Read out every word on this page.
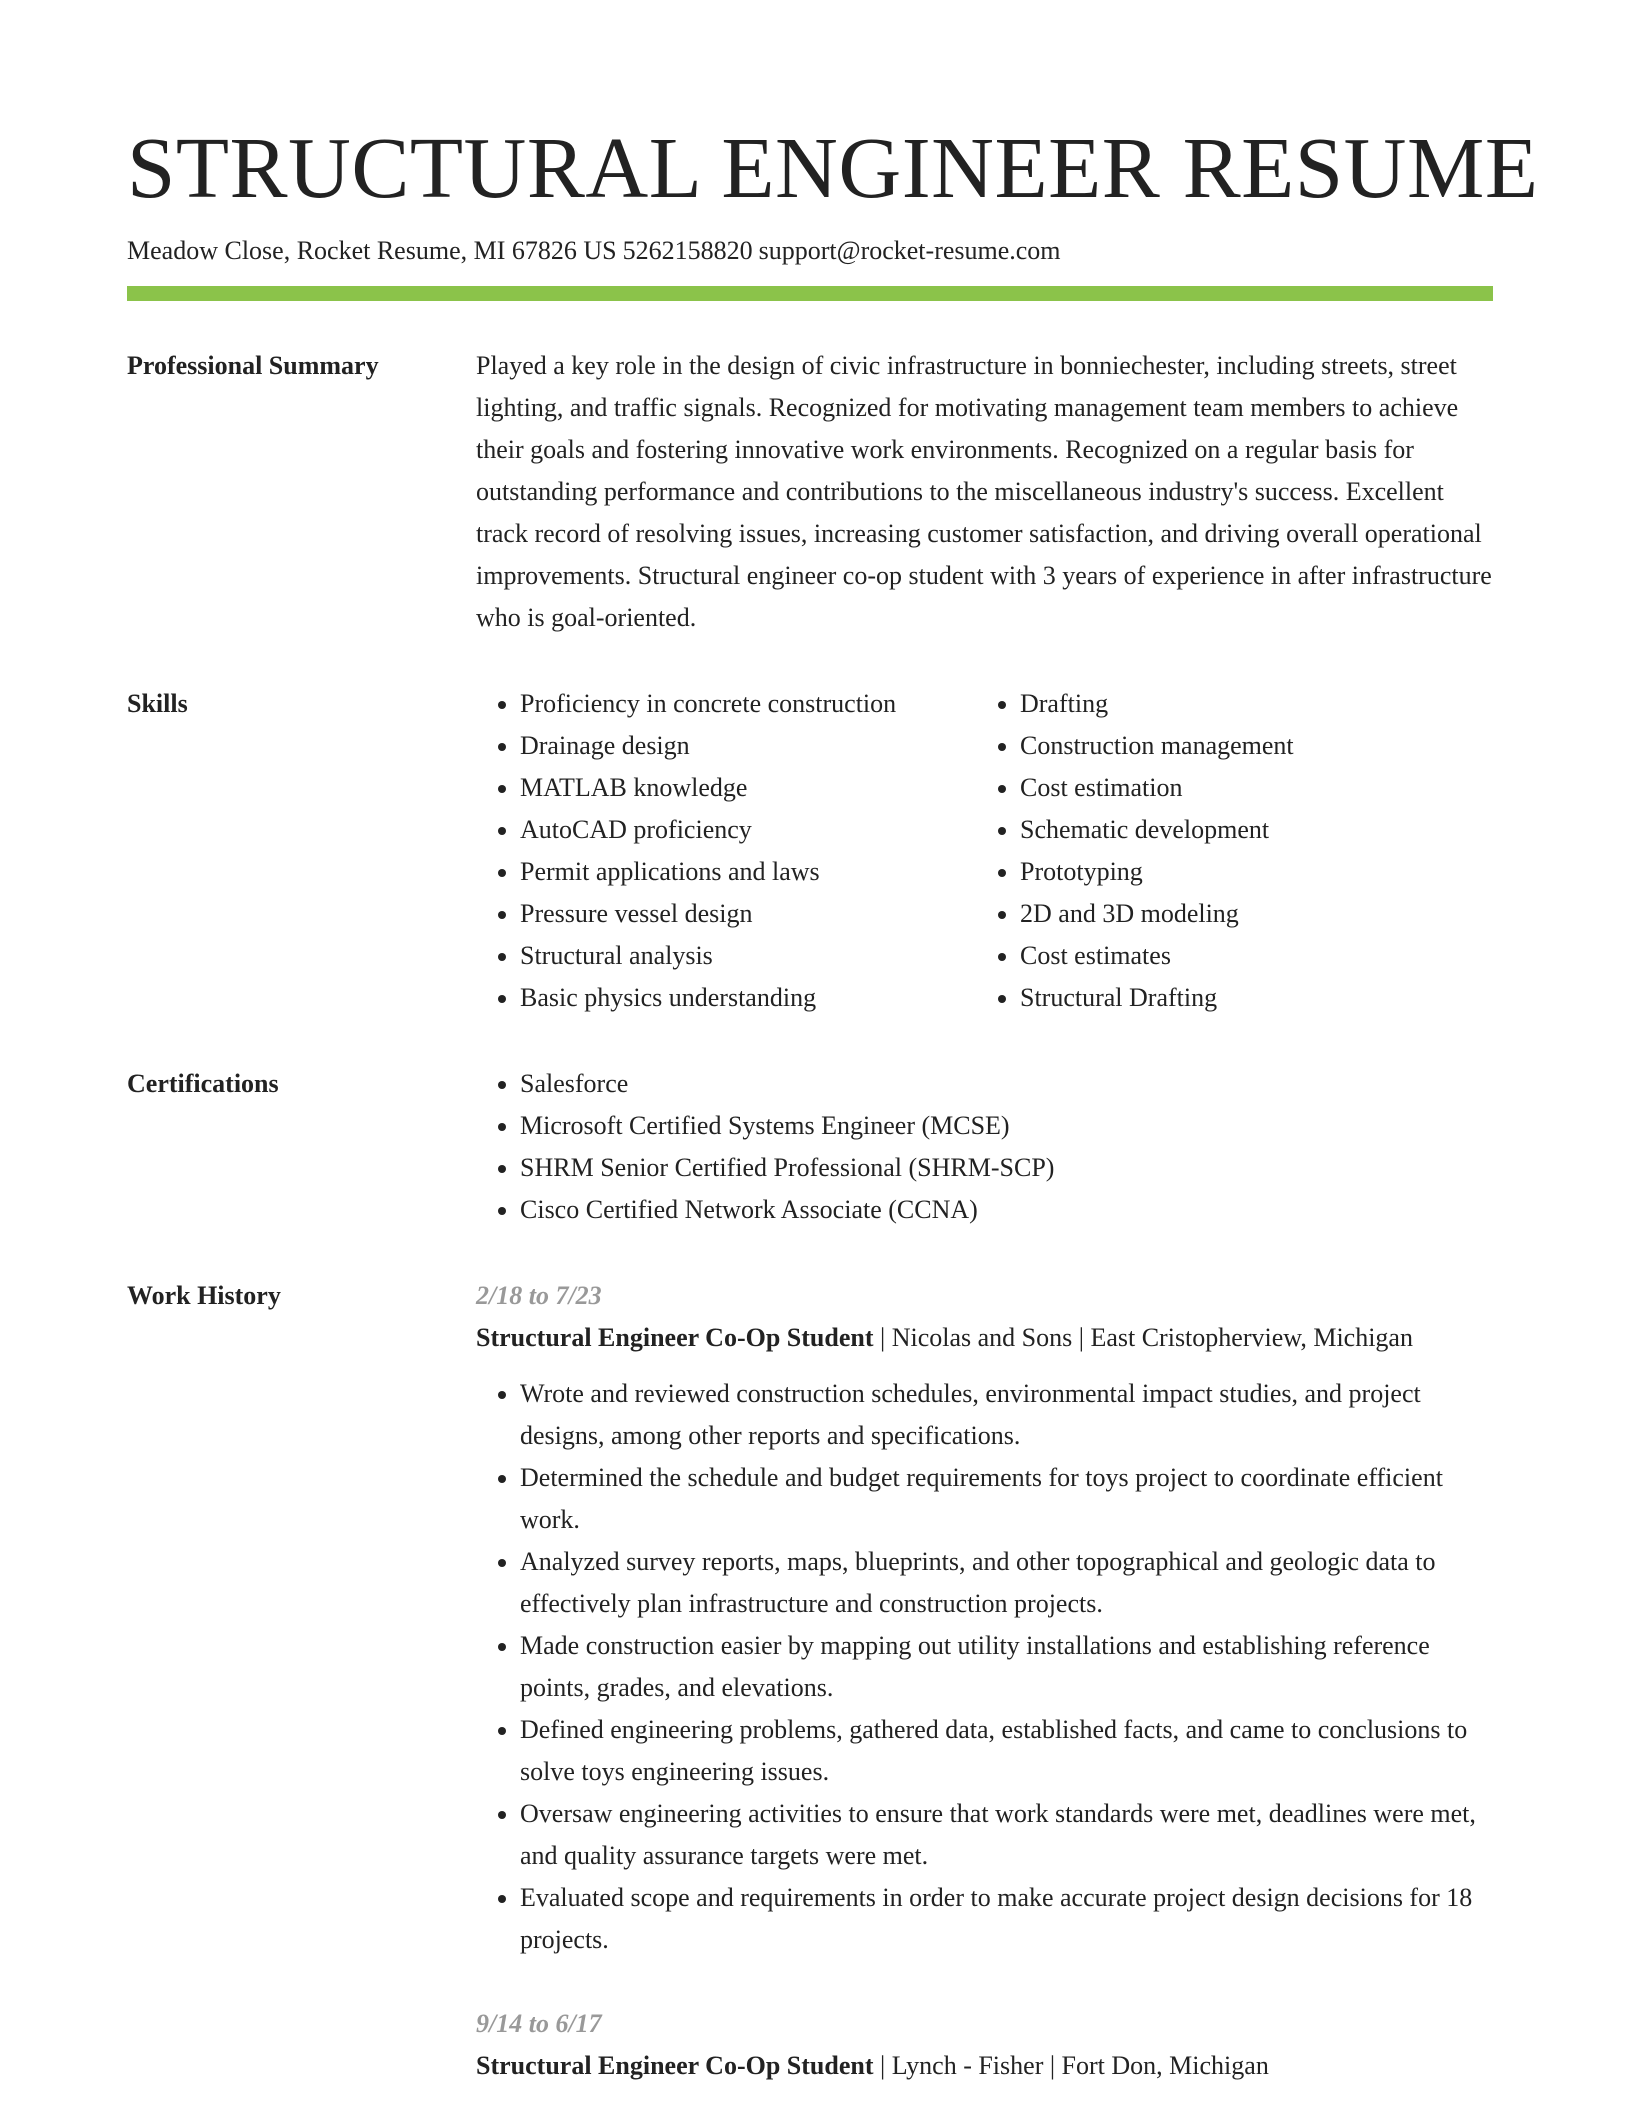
STRUCTURAL ENGINEER RESUME
Meadow Close, Rocket Resume, MI 67826 US 5262158820 support@rocket-resume.com
Professional Summary	Played a key role in the design of civic infrastructure in bonniechester, including streets, street lighting, and traffic signals. Recognized for motivating management team members to achieve their goals and fostering innovative work environments. Recognized on a regular basis for outstanding performance and contributions to the miscellaneous industry's success. Excellent track record of resolving issues, increasing customer satisfaction, and driving overall operational improvements. Structural engineer co-op student with 3 years of experience in after infrastructure who is goal-oriented.

Skills	• Proficiency in concrete construction
• Drainage design
• MATLAB knowledge
• AutoCAD proficiency
• Permit applications and laws
• Pressure vessel design
• Structural analysis
• Basic physics understanding
• Drafting
• Construction management
• Cost estimation
• Schematic development
• Prototyping
• 2D and 3D modeling
• Cost estimates
• Structural Drafting
Certifications	• Salesforce
• Microsoft Certified Systems Engineer (MCSE)
• SHRM Senior Certified Professional (SHRM-SCP)
• Cisco Certified Network Associate (CCNA)
Work History	2/18 to 7/23

Structural Engineer Co-Op Student | Nicolas and Sons | East Cristopherview, Michigan

• Wrote and reviewed construction schedules, environmental impact studies, and project designs, among other reports and specifications.
• Determined the schedule and budget requirements for toys project to coordinate efficient work.
• Analyzed survey reports, maps, blueprints, and other topographical and geologic data to effectively plan infrastructure and construction projects.
• Made construction easier by mapping out utility installations and establishing reference points, grades, and elevations.
• Defined engineering problems, gathered data, established facts, and came to conclusions to solve toys engineering issues.
• Oversaw engineering activities to ensure that work standards were met, deadlines were met, and quality assurance targets were met.
• Evaluated scope and requirements in order to make accurate project design decisions for 18 projects.
9/14 to 6/17

Structural Engineer Co-Op Student | Lynch - Fisher | Fort Don, Michigan
